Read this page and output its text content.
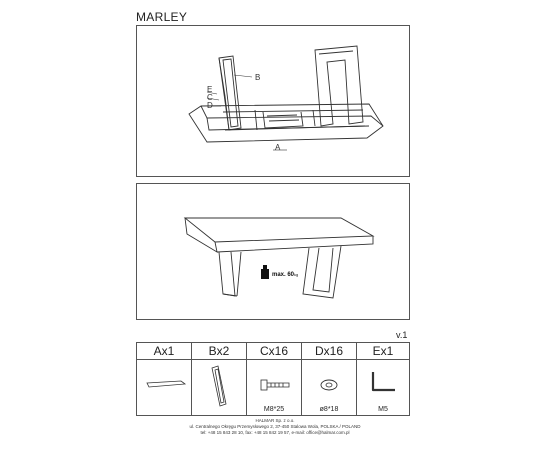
MARLEY
B
A
E
C
D
max. 60 kg
v.1
Ax1	Bx2	Cx16
M8*25
Dx16
ø8*18
Ex1
M5
HALMAR Sp. z o.o.
ul. Centralnego Okręgu Przemysłowego 2, 37-450 Stalowa Wola, POLSKA / POLAND
tel: +48 15 843 28 10, fax: +48 15 842 19 57, e-mail: office@halmar.com.pl
